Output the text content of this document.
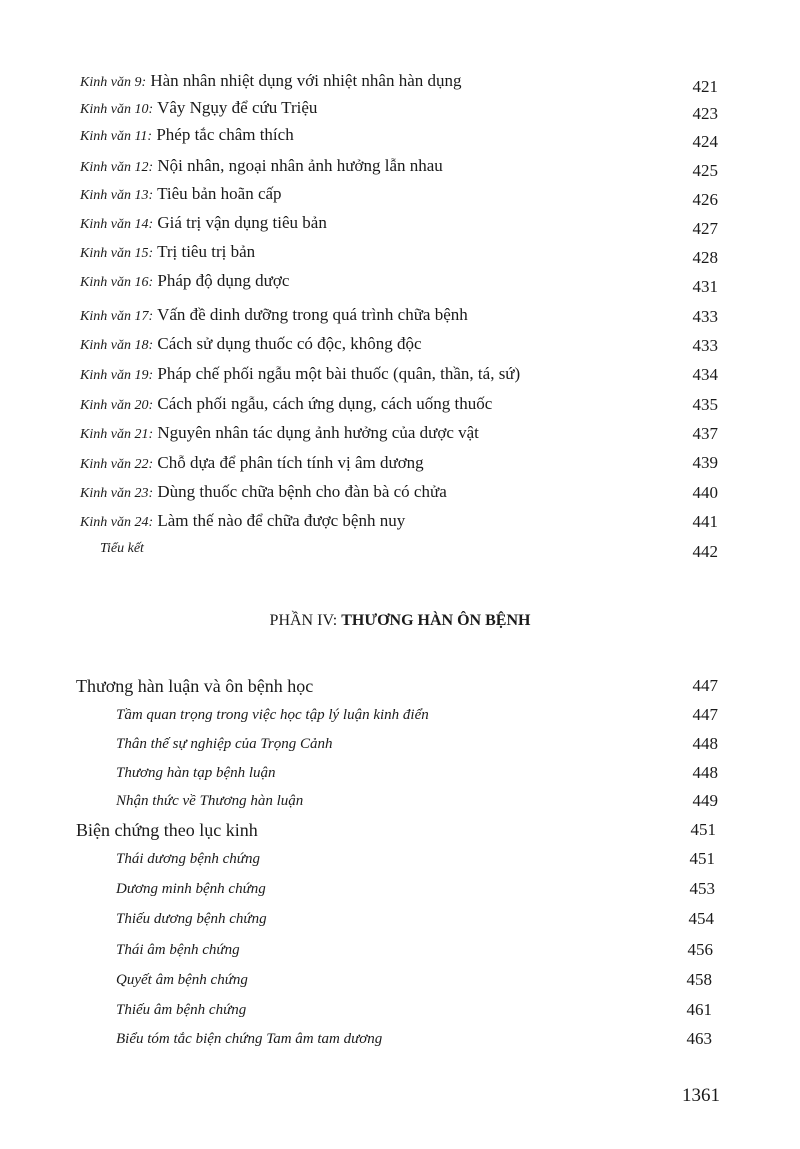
Kinh văn 9: Hàn nhân nhiệt dụng với nhiệt nhân hàn dụng	421
Kinh văn 10: Vây Ngụy để cứu Triệu	423
Kinh văn 11: Phép tắc châm thích	424
Kinh văn 12: Nội nhân, ngoại nhân ảnh hưởng lẫn nhau	425
Kinh văn 13: Tiêu bản hoãn cấp	426
Kinh văn 14: Giá trị vận dụng tiêu bản	427
Kinh văn 15: Trị tiêu trị bản	428
Kinh văn 16: Pháp độ dụng dược	431
Kinh văn 17: Vấn đề dinh dưỡng trong quá trình chữa bệnh	433
Kinh văn 18: Cách sử dụng thuốc có độc, không độc	433
Kinh văn 19: Pháp chế phối ngẫu một bài thuốc (quân, thần, tá, sứ)	434
Kinh văn 20: Cách phối ngẫu, cách ứng dụng, cách uống thuốc	435
Kinh văn 21: Nguyên nhân tác dụng ảnh hưởng của dược vật	437
Kinh văn 22: Chỗ dựa để phân tích tính vị âm dương	439
Kinh văn 23: Dùng thuốc chữa bệnh cho đàn bà có chửa	440
Kinh văn 24: Làm thế nào để chữa được bệnh nuy	441
Tiểu kết	442
PHẦN IV: THƯƠNG HÀN ÔN BỆNH
Thương hàn luận và ôn bệnh học	447
Tầm quan trọng trong việc học tập lý luận kinh điển	447
Thân thế sự nghiệp của Trọng Cảnh	448
Thương hàn tạp bệnh luận	448
Nhận thức về Thương hàn luận	449
Biện chứng theo lục kinh	451
Thái dương bệnh chứng	451
Dương minh bệnh chứng	453
Thiếu dương bệnh chứng	454
Thái âm bệnh chứng	456
Quyết âm bệnh chứng	458
Thiếu âm bệnh chứng	461
Biểu tóm tắc biện chứng Tam âm tam dương	463
1361
